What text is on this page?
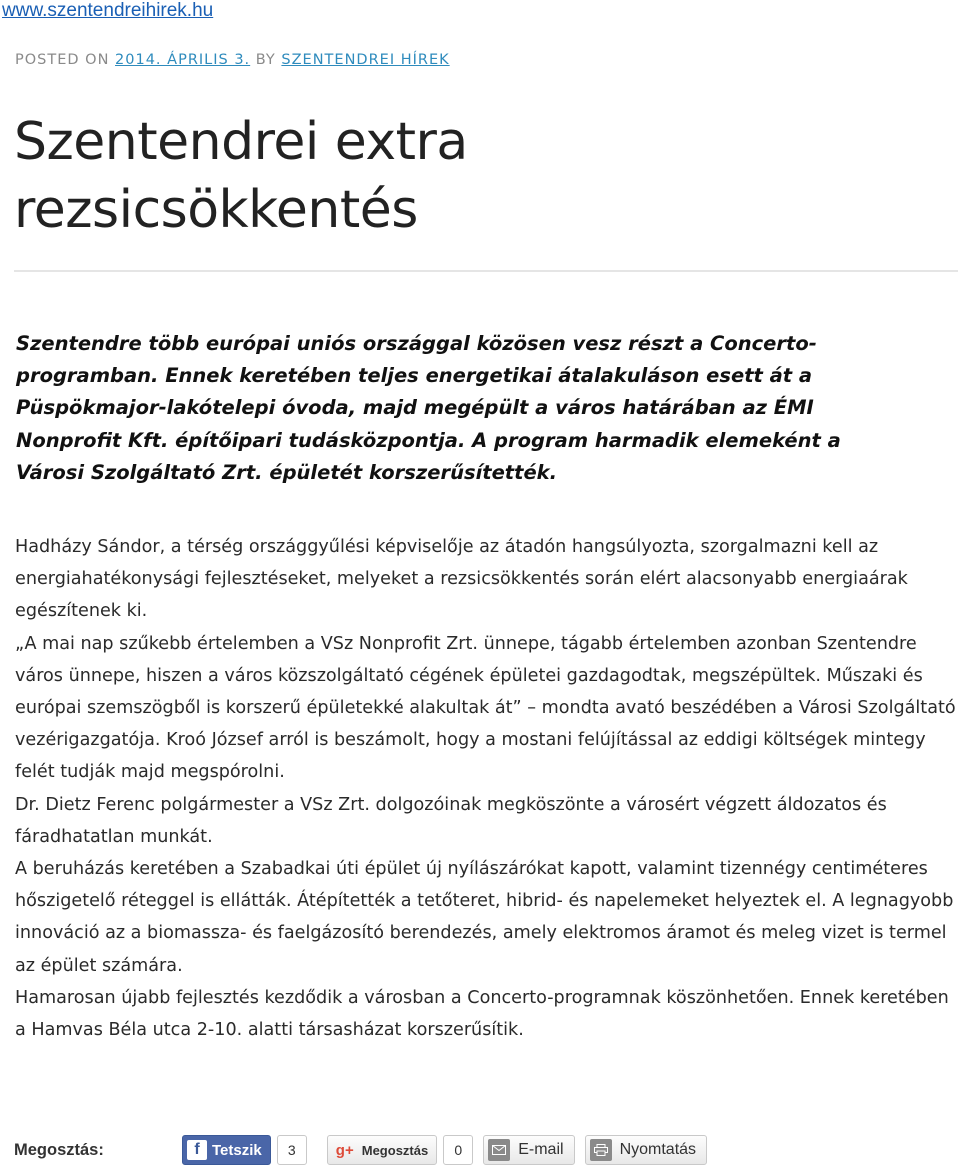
www.szentendreihirek.hu
POSTED ON 2014. ÁPRILIS 3. BY SZENTENDREI HÍREK
Szentendrei extra rezsicsökkentés

Szentendre több európai uniós országgal közösen vesz részt a Concerto-programban. Ennek keretében teljes energetikai átalakuláson esett át a Püspökmajor-lakótelepi óvoda, majd megépült a város határában az ÉMI Nonprofit Kft. építőipari tudásközpontja. A program harmadik elemeként a Városi Szolgáltató Zrt. épületét korszerűsítették.

Hadházy Sándor, a térség országgyűlési képviselője az átadón hangsúlyozta, szorgalmazni kell az energiahatékonysági fejlesztéseket, melyeket a rezsicsökkentés során elért alacsonyabb energiaárak egészítenek ki.

„A mai nap szűkebb értelemben a VSz Nonprofit Zrt. ünnepe, tágabb értelemben azonban Szentendre város ünnepe, hiszen a város közszolgáltató cégének épületei gazdagodtak, megszépültek. Műszaki és európai szemszögből is korszerű épületekké alakultak át” – mondta avató beszédében a Városi Szolgáltató vezérigazgatója. Kroó József arról is beszámolt, hogy a mostani felújítással az eddigi költségek mintegy felét tudják majd megspórolni.

Dr. Dietz Ferenc polgármester a VSz Zrt. dolgozóinak megköszönte a városért végzett áldozatos és fáradhatatlan munkát.

A beruházás keretében a Szabadkai úti épület új nyílászárókat kapott, valamint tizennégy centiméteres hőszigetelő réteggel is ellátták. Átépítették a tetőteret, hibrid- és napelemeket helyeztek el. A legnagyobb innováció az a biomassza- és faelgázosító berendezés, amely elektromos áramot és meleg vizet is termel az épület számára.

Hamarosan újabb fejlesztés kezdődik a városban a Concerto-programnak köszönhetően. Ennek keretében a Hamvas Béla utca 2-10. alatti társasházat korszerűsítik.

Megosztás:	f Tetszik	3	g+ Megosztás	0	E-mail	Nyomtatás
